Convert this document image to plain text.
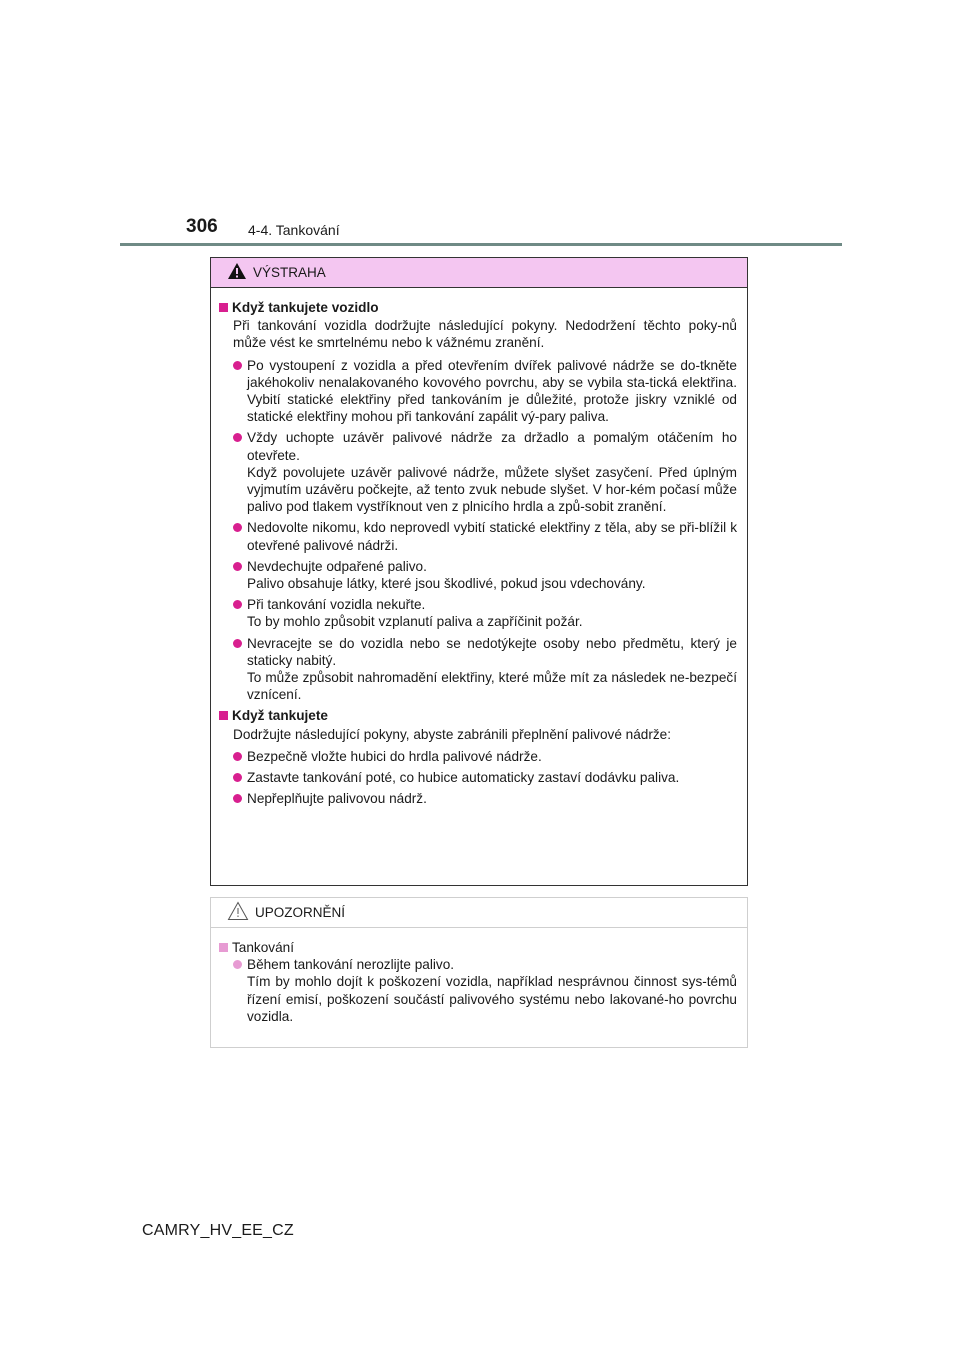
306 4-4. Tankování
VÝSTRAHA
Když tankujete vozidlo
Při tankování vozidla dodržujte následující pokyny. Nedodržení těchto poky-nů může vést ke smrtelnému nebo k vážnému zranění.

Po vystoupení z vozidla a před otevřením dvířek palivové nádrže se do-tkněte jakéhokoliv nenalakovaného kovového povrchu, aby se vybila sta-tická elektřina. Vybití statické elektřiny před tankováním je důležité, protože jiskry vzniklé od statické elektřiny mohou při tankování zapálit vý-pary paliva.

Vždy uchopte uzávěr palivové nádrže za držadlo a pomalým otáčením ho otevřete.

Když povolujete uzávěr palivové nádrže, můžete slyšet zasyčení. Před úplným vyjmutím uzávěru počkejte, až tento zvuk nebude slyšet. V hor-kém počasí může palivo pod tlakem vystříknout ven z plnicího hrdla a způ-sobit zranění.

Nedovolte nikomu, kdo neprovedl vybití statické elektřiny z těla, aby se při-blížil k otevřené palivové nádrži.

Nevdechujte odpařené palivo.

Palivo obsahuje látky, které jsou škodlivé, pokud jsou vdechovány.

Při tankování vozidla nekuřte.

To by mohlo způsobit vzplanutí paliva a zapříčinit požár.

Nevracejte se do vozidla nebo se nedotýkejte osoby nebo předmětu, který je staticky nabitý.

To může způsobit nahromadění elektřiny, které může mít za následek ne-bezpečí vznícení.

Když tankujete
Dodržujte následující pokyny, abyste zabránili přeplnění palivové nádrže:

Bezpečně vložte hubici do hrdla palivové nádrže.

Zastavte tankování poté, co hubice automaticky zastaví dodávku paliva.

Nepřeplňujte palivovou nádrž.

UPOZORNĚNÍ
Tankování

Během tankování nerozlijte palivo.

Tím by mohlo dojít k poškození vozidla, například nesprávnou činnost sys-témů řízení emisí, poškození součástí palivového systému nebo lakované-ho povrchu vozidla.

CAMRY_HV_EE_CZ
